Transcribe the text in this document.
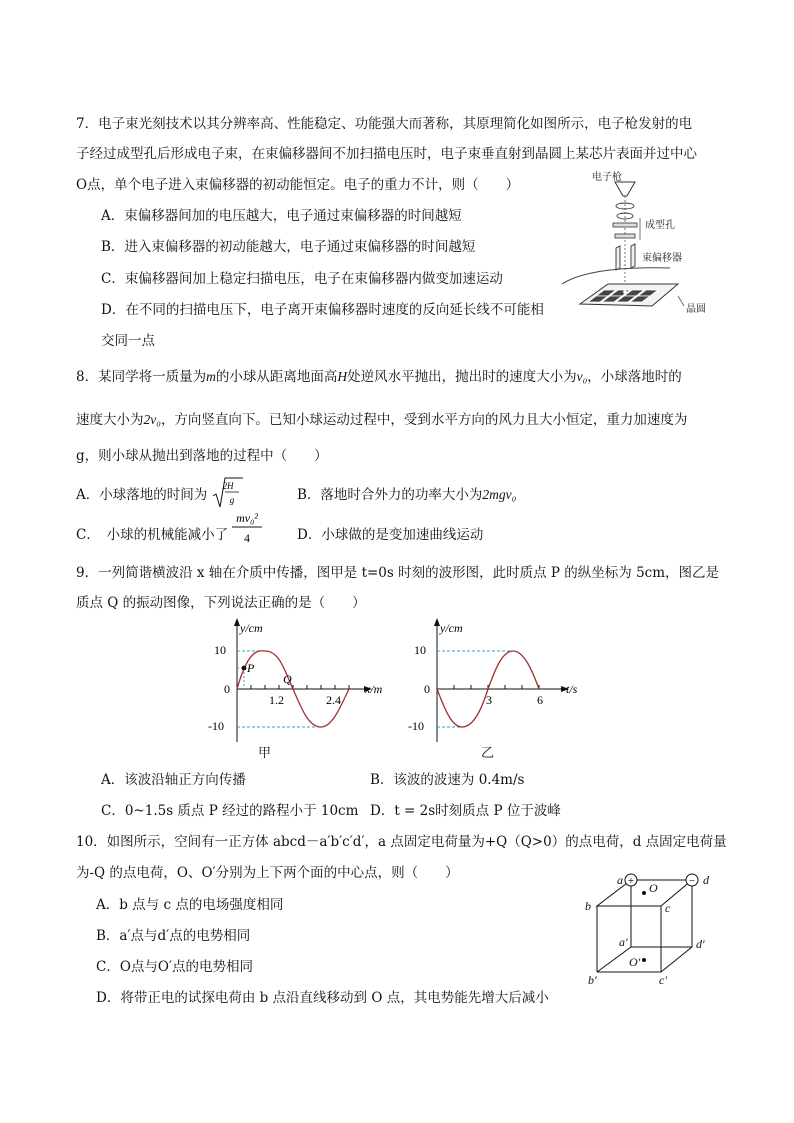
7．电子束光刻技术以其分辨率高、性能稳定、功能强大而著称，其原理简化如图所示，电子枪发射的电
子经过成型孔后形成电子束，在束偏移器间不加扫描电压时，电子束垂直射到晶圆上某芯片表面并过中心
O点，单个电子进入束偏移器的初动能恒定。电子的重力不计，则（　　）
A．束偏移器间加的电压越大，电子通过束偏移器的时间越短
B．进入束偏移器的初动能越大，电子通过束偏移器的时间越短
C．束偏移器间加上稳定扫描电压，电子在束偏移器内做变加速运动
D．在不同的扫描电压下，电子离开束偏移器时速度的反向延长线不可能相
交同一点
电子枪
成型孔
束偏移器
晶圆
8．某同学将一质量为m的小球从距离地面高H处逆风水平抛出，抛出时的速度大小为v₀，小球落地时的
速度大小为2v₀，方向竖直向下。已知小球运动过程中，受到水平方向的风力且大小恒定，重力加速度为
g，则小球从抛出到落地的过程中（　　）
A．小球落地的时间为
2H
g	B．落地时合外力的功率大小为2mgv₀
C．　小球的机械能减小了
mv₀²
4	D．小球做的是变加速曲线运动
9．一列简谐横波沿 x 轴在介质中传播，图甲是 t=0s 时刻的波形图，此时质点 P 的纵坐标为 5cm，图乙是
质点 Q 的振动图像，下列说法正确的是（　　）
y/cm
x/m
10
0
-10
1.2	2.4
P
Q
甲
y/cm
t/s
10
0
-10
3	6
乙
A．该波沿轴正方向传播	B．该波的波速为 0.4m/s
C．0~1.5s 质点 P 经过的路程小于 10cm D．t = 2s时刻质点 P 位于波峰
10．如图所示，空间有一正方体 abcd－a′b′c′d′，a 点固定电荷量为+Q（Q>0）的点电荷，d 点固定电荷量
为-Q 的点电荷，O、O′分别为上下两个面的中心点，则（　　）
A．b 点与 c 点的电场强度相同
B．a′点与d′点的电势相同
C．O点与O′点的电势相同
D．将带正电的试探电荷由 b 点沿直线移动到 O 点，其电势能先增大后减小
+	−
a	d
b	c
O
a′	d′
O′
b′	c′
